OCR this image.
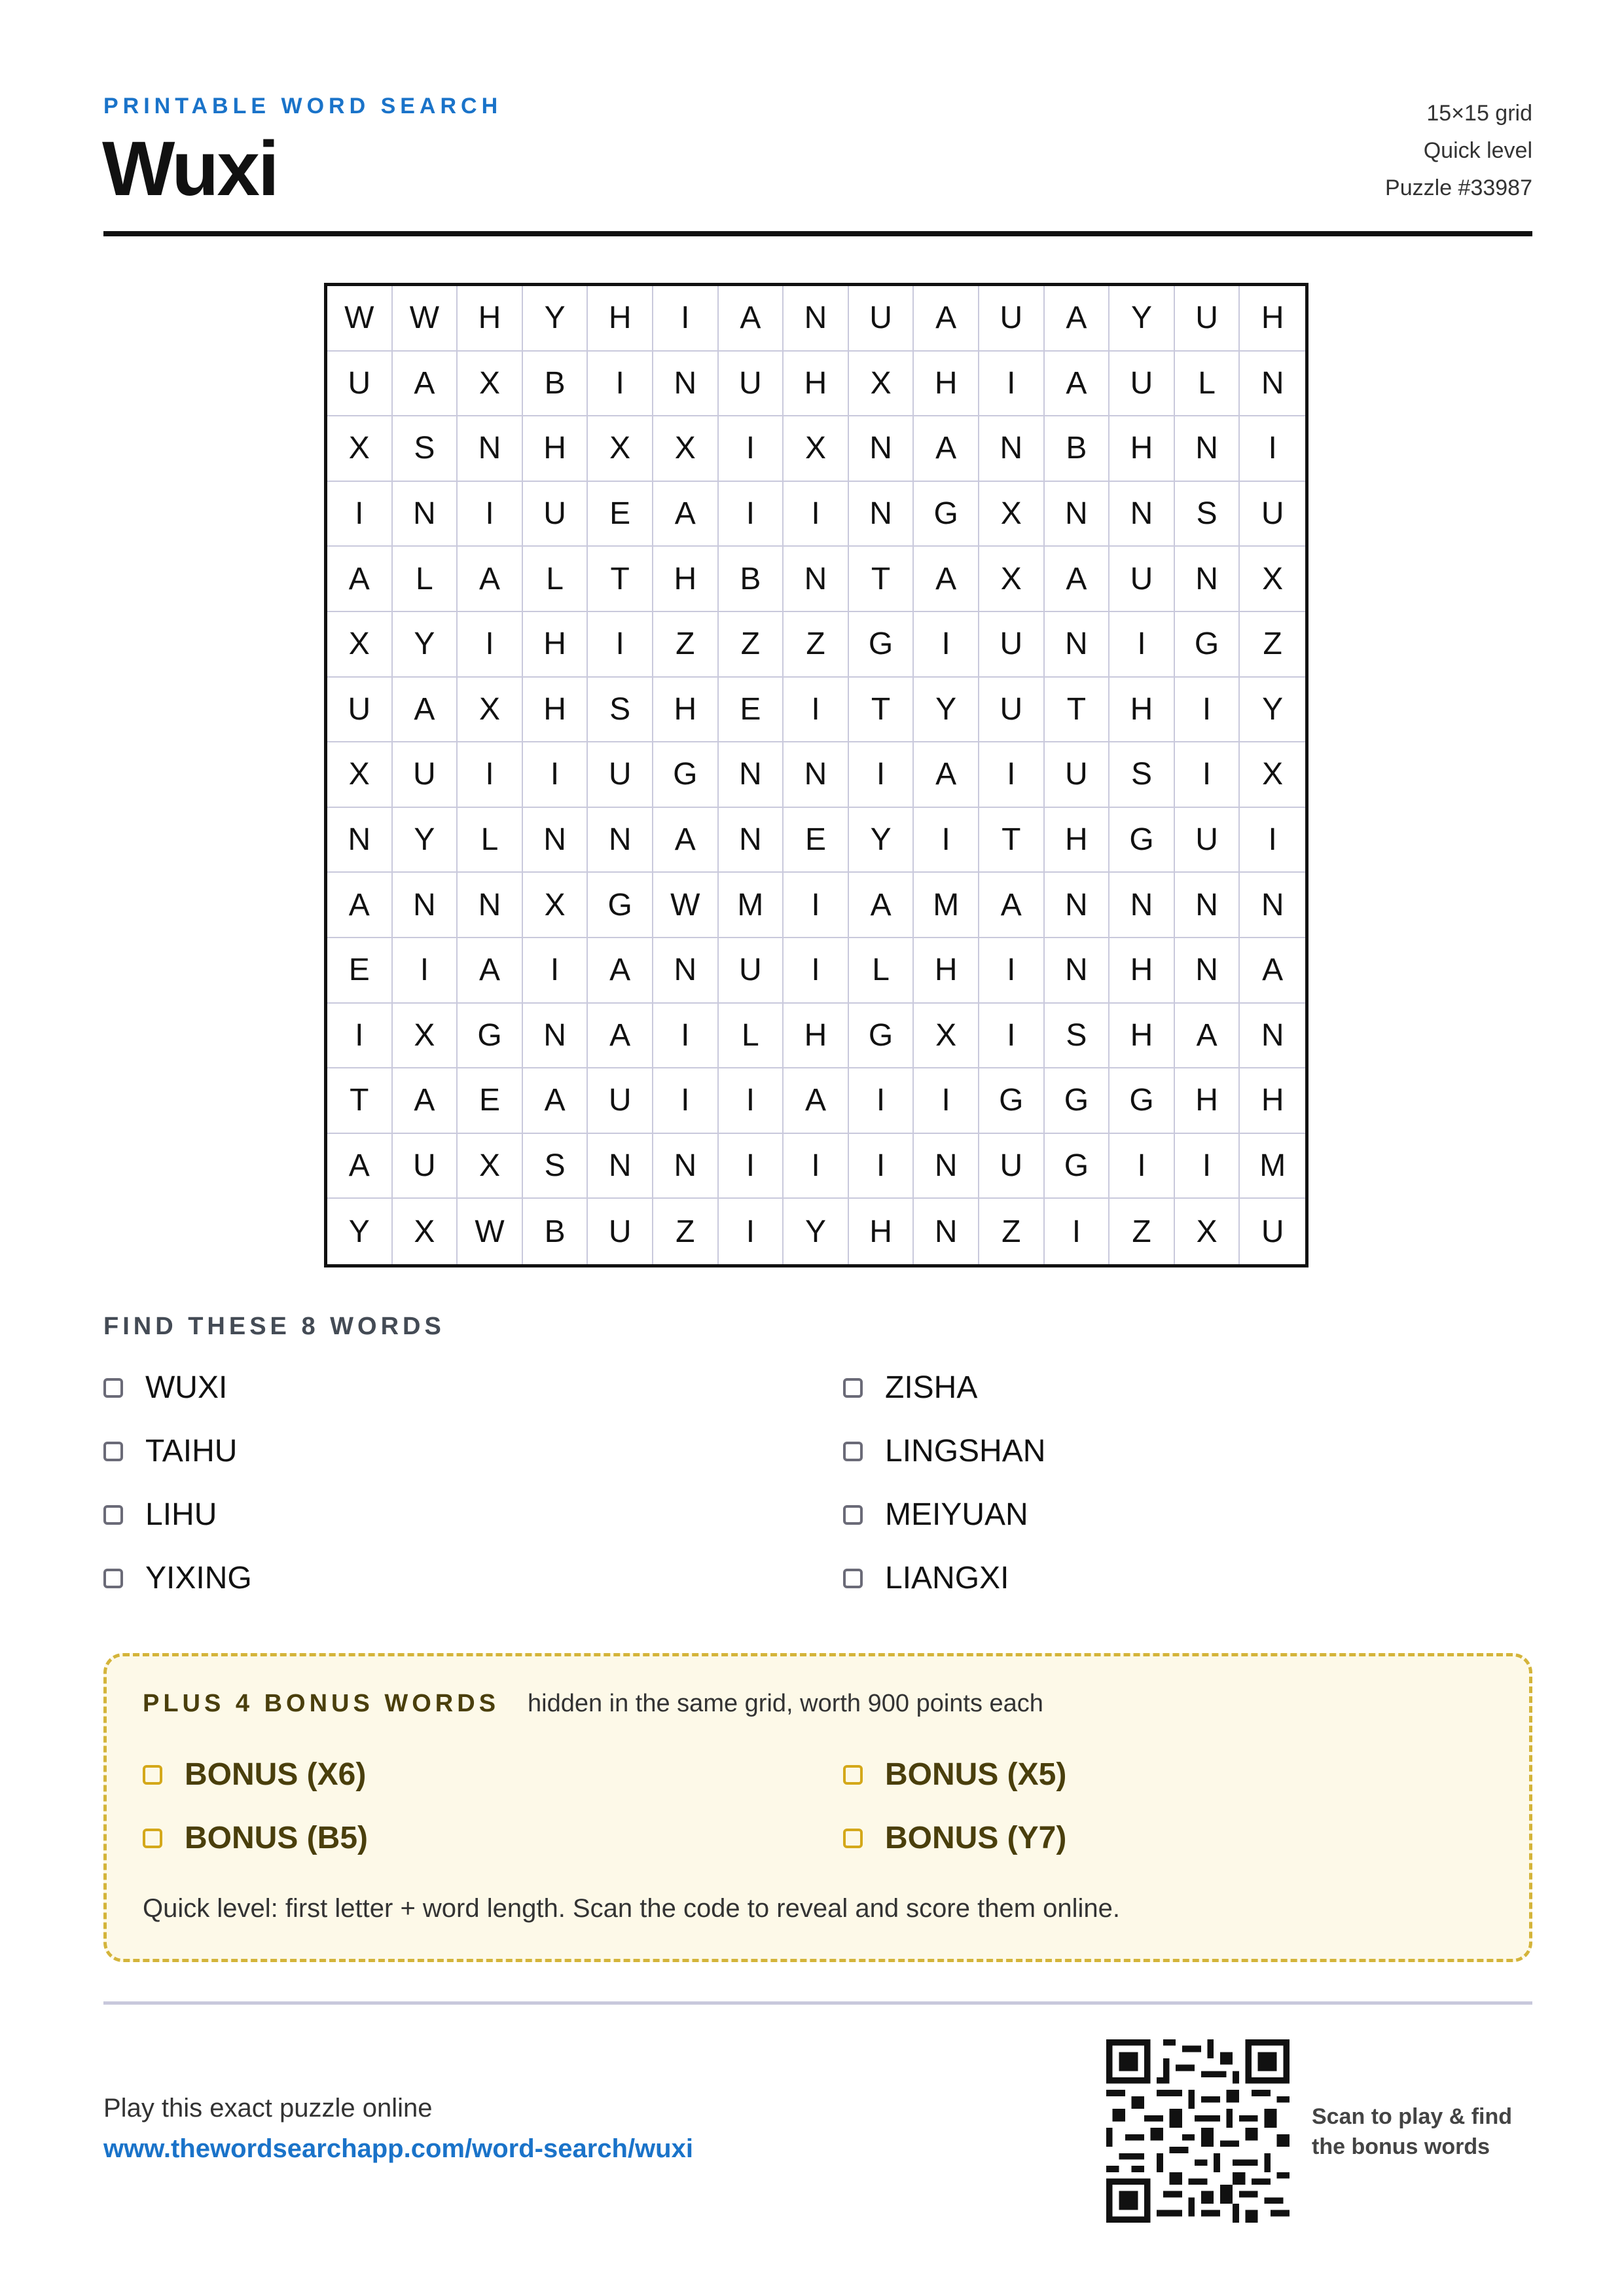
PRINTABLE WORD SEARCH
Wuxi
15×15 grid
Quick level
Puzzle #33987
W	W	H	Y	H	I	A	N	U	A	U	A	Y	U	H
U	A	X	B	I	N	U	H	X	H	I	A	U	L	N
X	S	N	H	X	X	I	X	N	A	N	B	H	N	I
I	N	I	U	E	A	I	I	N	G	X	N	N	S	U
A	L	A	L	T	H	B	N	T	A	X	A	U	N	X
X	Y	I	H	I	Z	Z	Z	G	I	U	N	I	G	Z
U	A	X	H	S	H	E	I	T	Y	U	T	H	I	Y
X	U	I	I	U	G	N	N	I	A	I	U	S	I	X
N	Y	L	N	N	A	N	E	Y	I	T	H	G	U	I
A	N	N	X	G	W	M	I	A	M	A	N	N	N	N
E	I	A	I	A	N	U	I	L	H	I	N	H	N	A
I	X	G	N	A	I	L	H	G	X	I	S	H	A	N
T	A	E	A	U	I	I	A	I	I	G	G	G	H	H
A	U	X	S	N	N	I	I	I	N	U	G	I	I	M
Y	X	W	B	U	Z	I	Y	H	N	Z	I	Z	X	U
FIND THESE 8 WORDS
WUXI	ZISHA
TAIHU	LINGSHAN
LIHU	MEIYUAN
YIXING	LIANGXI
PLUS 4 BONUS WORDS hidden in the same grid, worth 900 points each
BONUS (X6)	BONUS (X5)
BONUS (B5)	BONUS (Y7)
Quick level: first letter + word length. Scan the code to reveal and score them online.
Play this exact puzzle online
www.thewordsearchapp.com/word-search/wuxi
Scan to play & find the bonus words
